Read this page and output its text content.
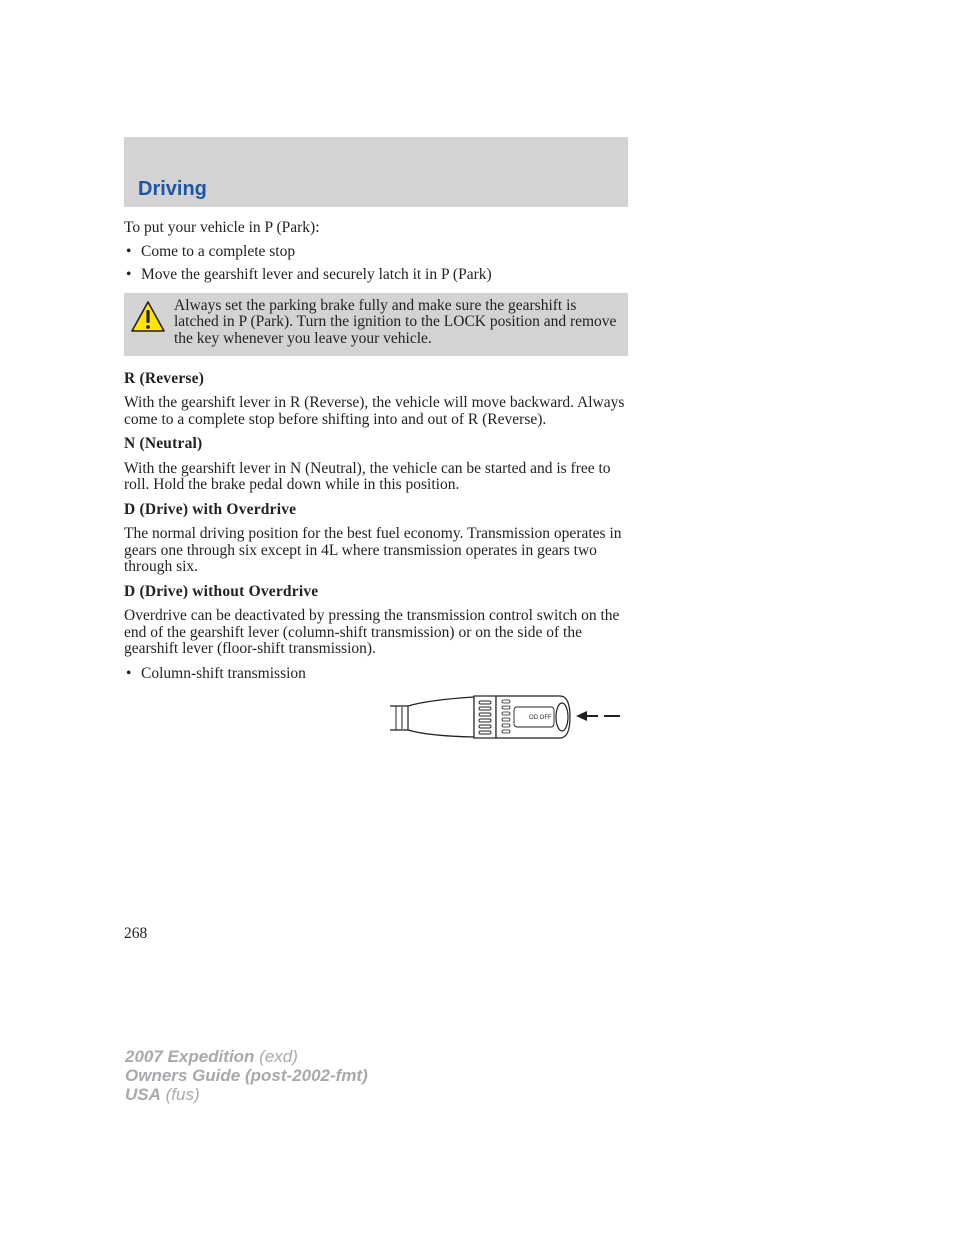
Driving

To put your vehicle in P (Park):

• Come to a complete stop
• Move the gearshift lever and securely latch it in P (Park)

Always set the parking brake fully and make sure the gearshift is latched in P (Park). Turn the ignition to the LOCK position and remove the key whenever you leave your vehicle.

R (Reverse)

With the gearshift lever in R (Reverse), the vehicle will move backward. Always come to a complete stop before shifting into and out of R (Reverse).

N (Neutral)

With the gearshift lever in N (Neutral), the vehicle can be started and is free to roll. Hold the brake pedal down while in this position.

D (Drive) with Overdrive

The normal driving position for the best fuel economy. Transmission operates in gears one through six except in 4L where transmission operates in gears two through six.

D (Drive) without Overdrive

Overdrive can be deactivated by pressing the transmission control switch on the end of the gearshift lever (column-shift transmission) or on the side of the gearshift lever (floor-shift transmission).

• Column-shift transmission
OD OFF
268
2007 Expedition (exd)
Owners Guide (post-2002-fmt)
USA (fus)
